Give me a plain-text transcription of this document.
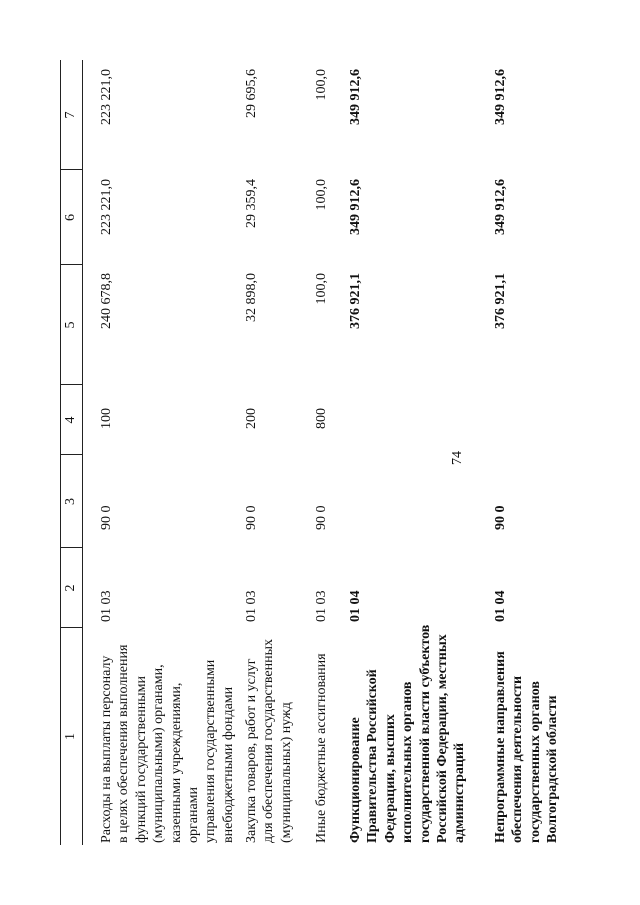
74
1
2
3
4
5
6
7
Расходы на выплаты персоналу
в целях обеспечения выполнения
функций государственными
(муниципальными) органами,
казенными учреждениями, органами
управления государственными
внебюджетными фондами
01 03
90 0
100
240 678,8
223 221,0
223 221,0
Закупка товаров, работ и услуг
для обеспечения государственных
(муниципальных) нужд
01 03
90 0
200
32 898,0
29 359,4
29 695,6
Иные бюджетные ассигнования
01 03
90 0
800
100,0
100,0
100,0
Функционирование
Правительства Российской
Федерации, высших
исполнительных органов
государственной власти субъектов
Российской Федерации, местных
администраций
01 04
376 921,1
349 912,6
349 912,6
Непрограммные направления
обеспечения деятельности
государственных органов
Волгоградской области
01 04
90 0
376 921,1
349 912,6
349 912,6
